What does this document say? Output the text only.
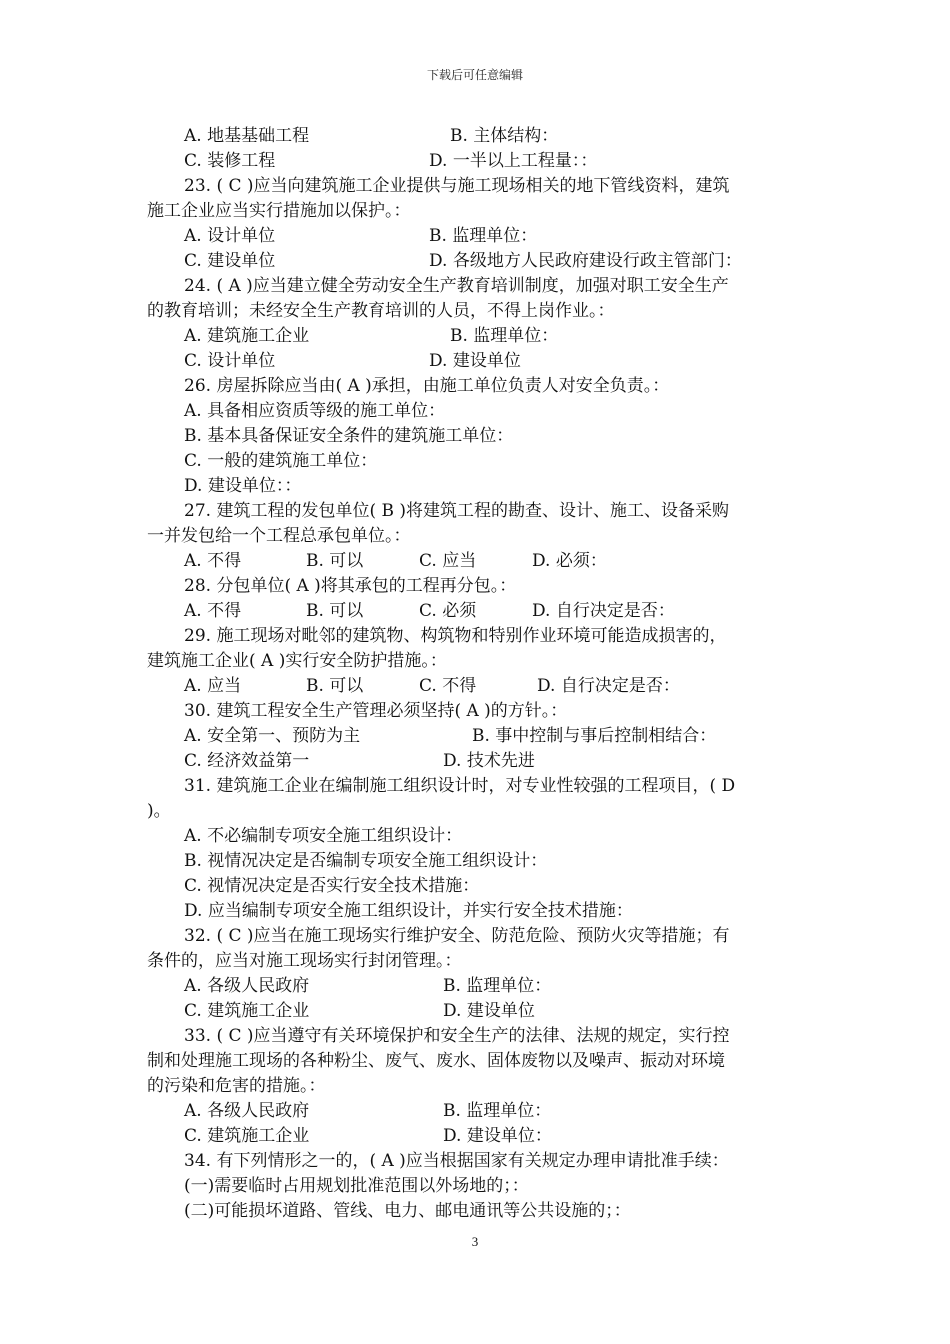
下载后可任意编辑
A. 地基基础工程	B. 主体结构：
C. 装修工程	D. 一半以上工程量：：
23. ( C )应当向建筑施工企业提供与施工现场相关的地下管线资料，建筑
施工企业应当实行措施加以保护。：
A. 设计单位	B. 监理单位：
C. 建设单位	D. 各级地方人民政府建设行政主管部门：
24. ( A )应当建立健全劳动安全生产教育培训制度，加强对职工安全生产
的教育培训；未经安全生产教育培训的人员，不得上岗作业。：
A. 建筑施工企业	B. 监理单位：
C. 设计单位	D. 建设单位
26. 房屋拆除应当由( A )承担，由施工单位负责人对安全负责。：
A. 具备相应资质等级的施工单位：
B. 基本具备保证安全条件的建筑施工单位：
C. 一般的建筑施工单位：
D. 建设单位：：
27. 建筑工程的发包单位( B )将建筑工程的勘查、设计、施工、设备采购
一并发包给一个工程总承包单位。：
A. 不得	B. 可以	C. 应当	D. 必须：
28. 分包单位( A )将其承包的工程再分包。：
A. 不得	B. 可以	C. 必须	D. 自行决定是否：
29. 施工现场对毗邻的建筑物、构筑物和特别作业环境可能造成损害的，
建筑施工企业( A )实行安全防护措施。：
A. 应当	B. 可以	C. 不得	D. 自行决定是否：
30. 建筑工程安全生产管理必须坚持( A )的方针。：
A. 安全第一、预防为主	B. 事中控制与事后控制相结合：
C. 经济效益第一	D. 技术先进
31. 建筑施工企业在编制施工组织设计时，对专业性较强的工程项目，( D
)。
A. 不必编制专项安全施工组织设计：
B. 视情况决定是否编制专项安全施工组织设计：
C. 视情况决定是否实行安全技术措施：
D. 应当编制专项安全施工组织设计，并实行安全技术措施：
32. ( C )应当在施工现场实行维护安全、防范危险、预防火灾等措施；有
条件的，应当对施工现场实行封闭管理。：
A. 各级人民政府	B. 监理单位：
C. 建筑施工企业	D. 建设单位
33. ( C )应当遵守有关环境保护和安全生产的法律、法规的规定，实行控
制和处理施工现场的各种粉尘、废气、废水、固体废物以及噪声、振动对环境
的污染和危害的措施。：
A. 各级人民政府	B. 监理单位：
C. 建筑施工企业	D. 建设单位：
34. 有下列情形之一的，( A )应当根据国家有关规定办理申请批准手续：
(一)需要临时占用规划批准范围以外场地的；：
(二)可能损坏道路、管线、电力、邮电通讯等公共设施的；：
3
